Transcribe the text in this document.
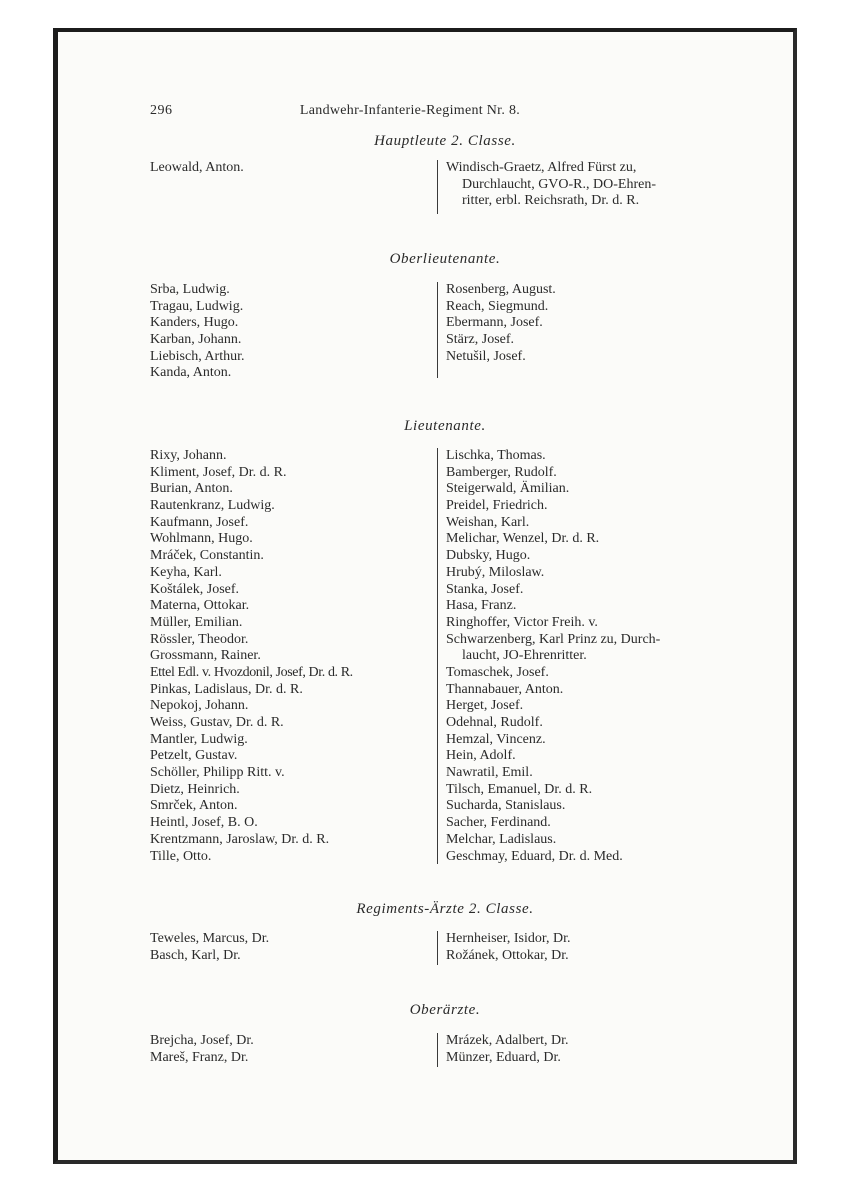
296	Landwehr-Infanterie-Regiment Nr. 8.
Hauptleute 2. Classe.
Leowald, Anton.	Windisch-Graetz, Alfred Fürst zu,
Durchlaucht, GVO-R., DO-Ehren-
ritter, erbl. Reichsrath, Dr. d. R.
Oberlieutenante.
Srba, Ludwig.
Tragau, Ludwig.
Kanders, Hugo.
Karban, Johann.
Liebisch, Arthur.
Kanda, Anton.
Rosenberg, August.
Reach, Siegmund.
Ebermann, Josef.
Stärz, Josef.
Netušil, Josef.
Lieutenante.
Rixy, Johann.
Kliment, Josef, Dr. d. R.
Burian, Anton.
Rautenkranz, Ludwig.
Kaufmann, Josef.
Wohlmann, Hugo.
Mráček, Constantin.
Keyha, Karl.
Koštálek, Josef.
Materna, Ottokar.
Müller, Emilian.
Rössler, Theodor.
Grossmann, Rainer.
Ettel Edl. v. Hvozdonil, Josef, Dr. d. R.
Pinkas, Ladislaus, Dr. d. R.
Nepokoj, Johann.
Weiss, Gustav, Dr. d. R.
Mantler, Ludwig.
Petzelt, Gustav.
Schöller, Philipp Ritt. v.
Dietz, Heinrich.
Smrček, Anton.
Heintl, Josef, B. O.
Krentzmann, Jaroslaw, Dr. d. R.
Tille, Otto.
Lischka, Thomas.
Bamberger, Rudolf.
Steigerwald, Ämilian.
Preidel, Friedrich.
Weishan, Karl.
Melichar, Wenzel, Dr. d. R.
Dubsky, Hugo.
Hrubý, Miloslaw.
Stanka, Josef.
Hasa, Franz.
Ringhoffer, Victor Freih. v.
Schwarzenberg, Karl Prinz zu, Durch-
laucht, JO-Ehrenritter.
Tomaschek, Josef.
Thannabauer, Anton.
Herget, Josef.
Odehnal, Rudolf.
Hemzal, Vincenz.
Hein, Adolf.
Nawratil, Emil.
Tilsch, Emanuel, Dr. d. R.
Sucharda, Stanislaus.
Sacher, Ferdinand.
Melchar, Ladislaus.
Geschmay, Eduard, Dr. d. Med.
Regiments-Ärzte 2. Classe.
Teweles, Marcus, Dr.
Basch, Karl, Dr.
Hernheiser, Isidor, Dr.
Rožánek, Ottokar, Dr.
Oberärzte.
Brejcha, Josef, Dr.
Mareš, Franz, Dr.
Mrázek, Adalbert, Dr.
Münzer, Eduard, Dr.
